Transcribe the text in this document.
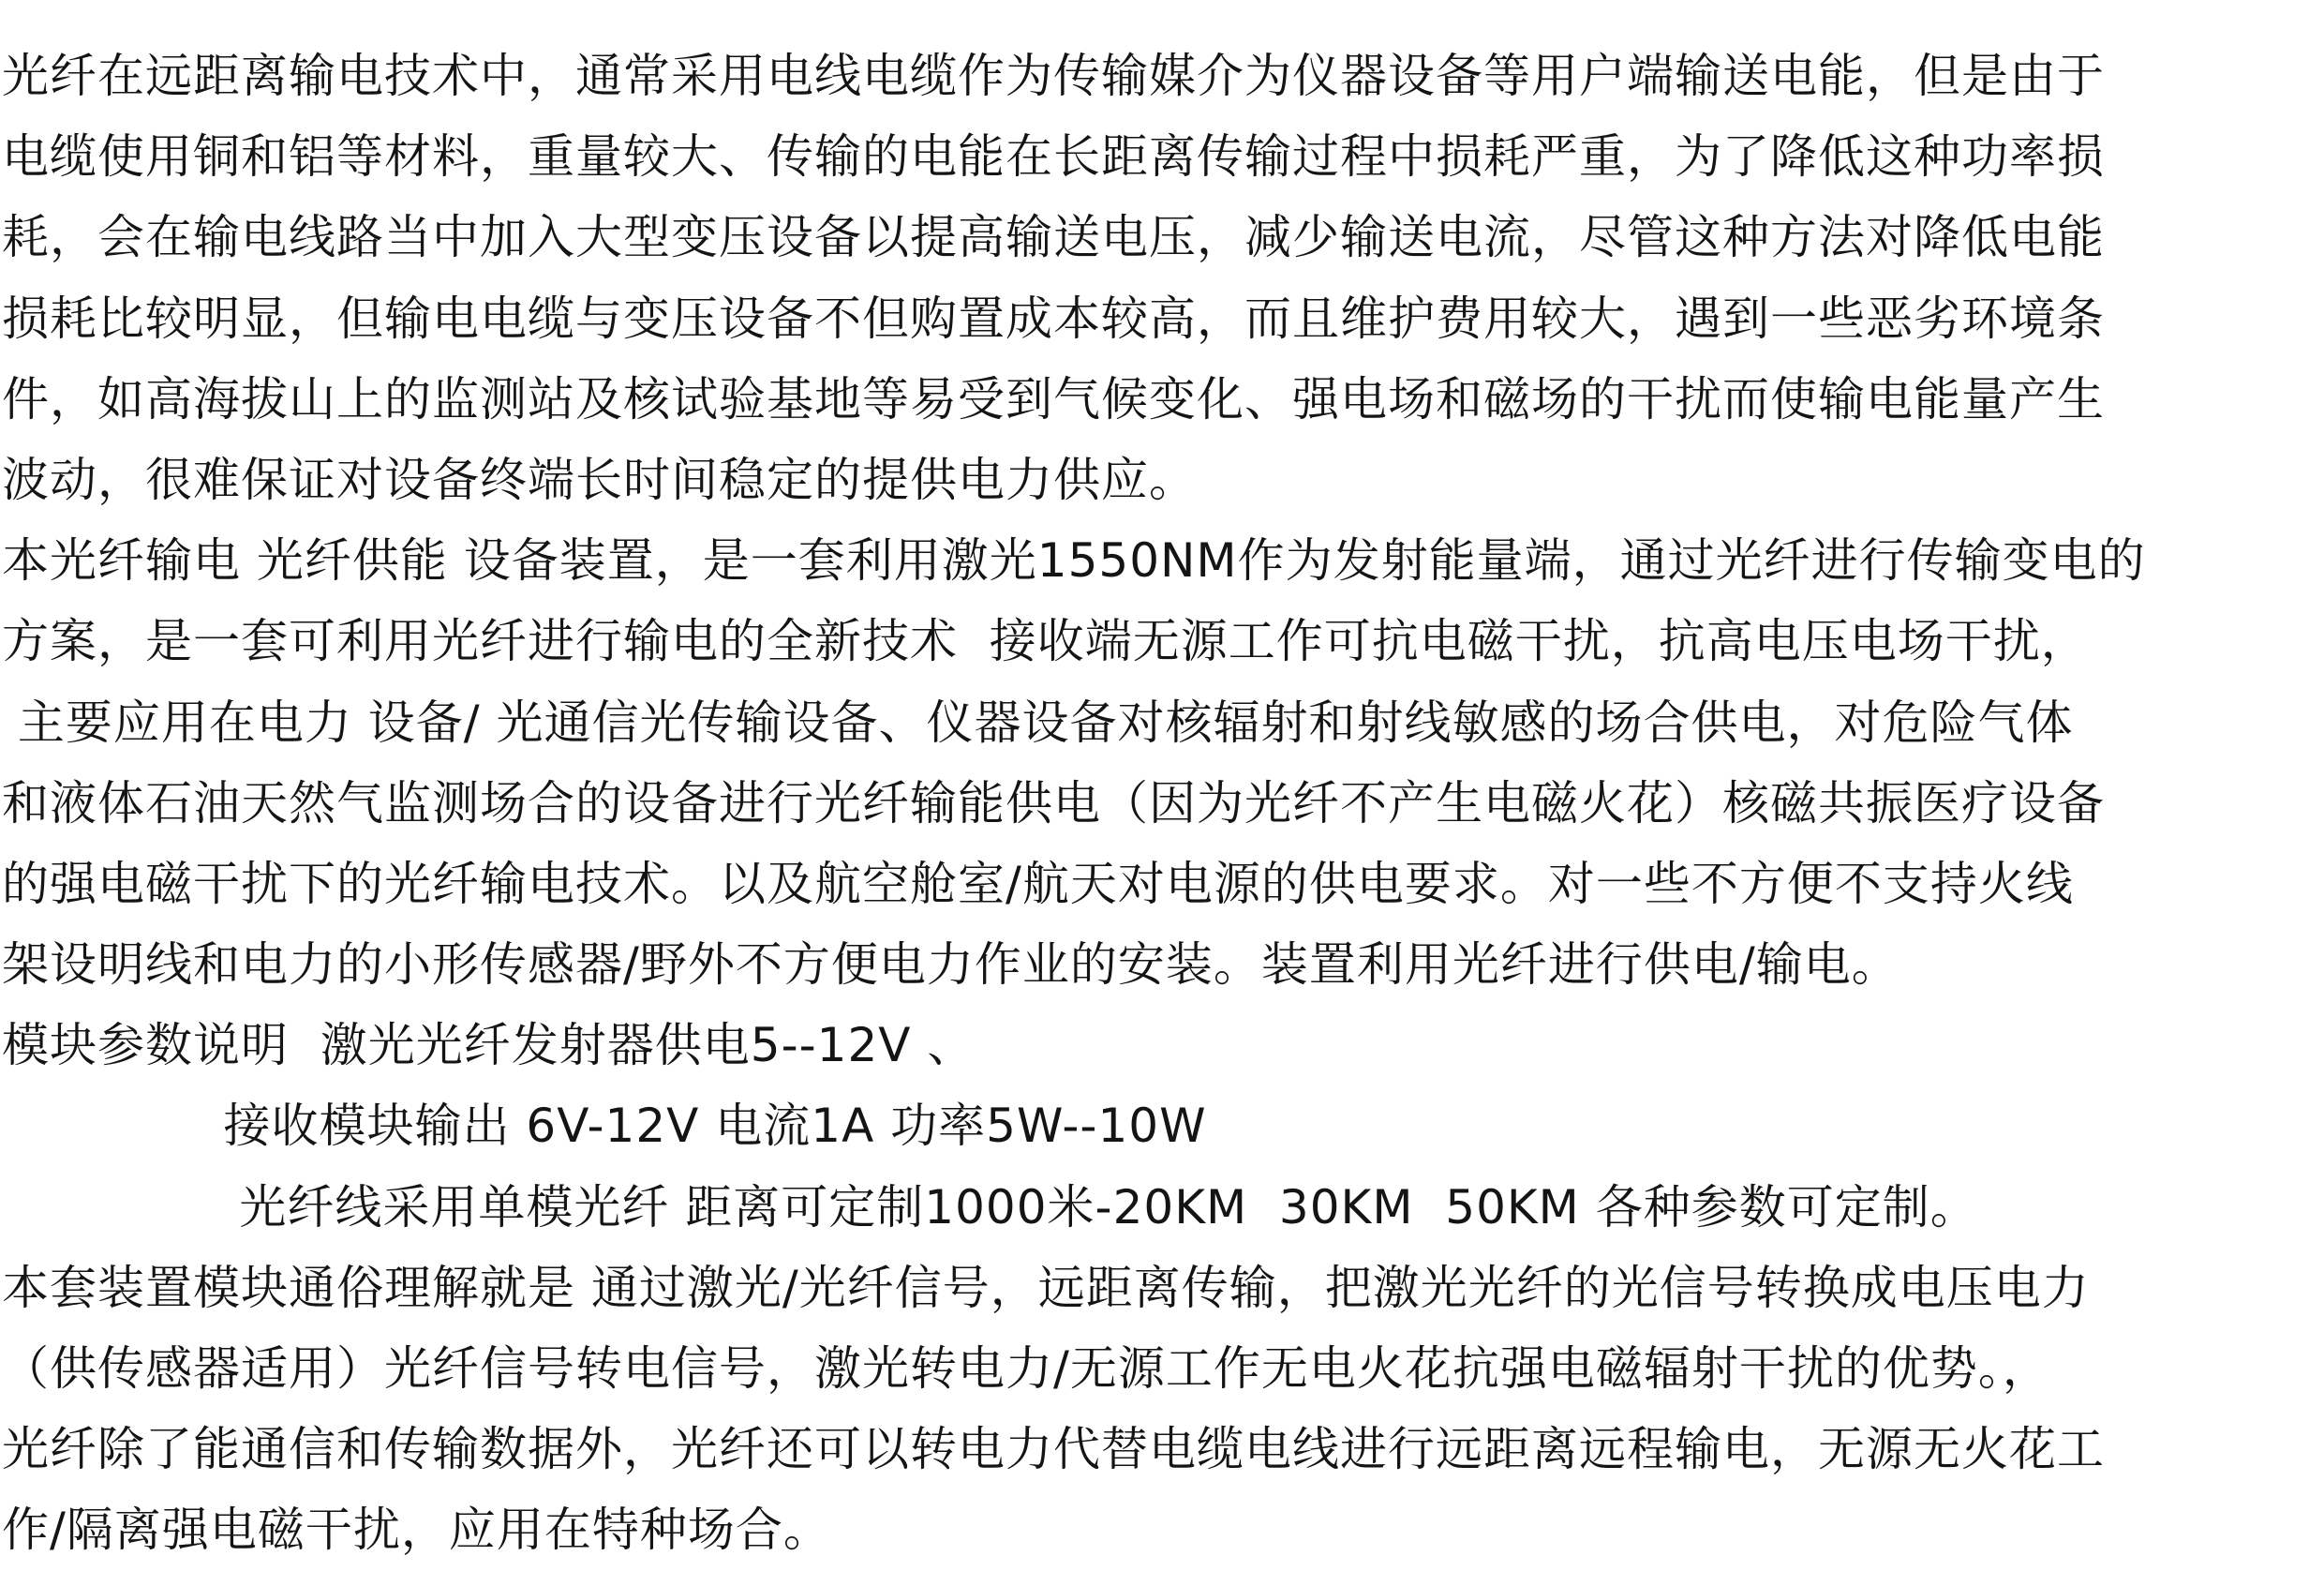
光纤在远距离输电技术中，通常采用电线电缆作为传输媒介为仪器设备等用户端输送电能，但是由于
电缆使用铜和铝等材料，重量较大、传输的电能在长距离传输过程中损耗严重，为了降低这种功率损
耗，会在输电线路当中加入大型变压设备以提高输送电压，减少输送电流，尽管这种方法对降低电能
损耗比较明显，但输电电缆与变压设备不但购置成本较高，而且维护费用较大，遇到一些恶劣环境条
件，如高海拔山上的监测站及核试验基地等易受到气候变化、强电场和磁场的干扰而使输电能量产生
波动，很难保证对设备终端长时间稳定的提供电力供应。
本光纤输电 光纤供能 设备装置，是一套利用激光1550NM作为发射能量端，通过光纤进行传输变电的
方案，是一套可利用光纤进行输电的全新技术  接收端无源工作可抗电磁干扰，抗高电压电场干扰，
主要应用在电力 设备/ 光通信光传输设备、仪器设备对核辐射和射线敏感的场合供电，对危险气体
和液体石油天然气监测场合的设备进行光纤输能供电（因为光纤不产生电磁火花）核磁共振医疗设备
的强电磁干扰下的光纤输电技术。以及航空舱室/航天对电源的供电要求。对一些不方便不支持火线
架设明线和电力的小形传感器/野外不方便电力作业的安装。装置利用光纤进行供电/输电。
模块参数说明  激光光纤发射器供电5--12V 、
接收模块输出 6V-12V 电流1A 功率5W--10W
光纤线采用单模光纤 距离可定制1000米-20KM  30KM  50KM 各种参数可定制。
本套装置模块通俗理解就是 通过激光/光纤信号，远距离传输，把激光光纤的光信号转换成电压电力
（供传感器适用）光纤信号转电信号，激光转电力/无源工作无电火花抗强电磁辐射干扰的优势。，
光纤除了能通信和传输数据外，光纤还可以转电力代替电缆电线进行远距离远程输电，无源无火花工
作/隔离强电磁干扰，应用在特种场合。
